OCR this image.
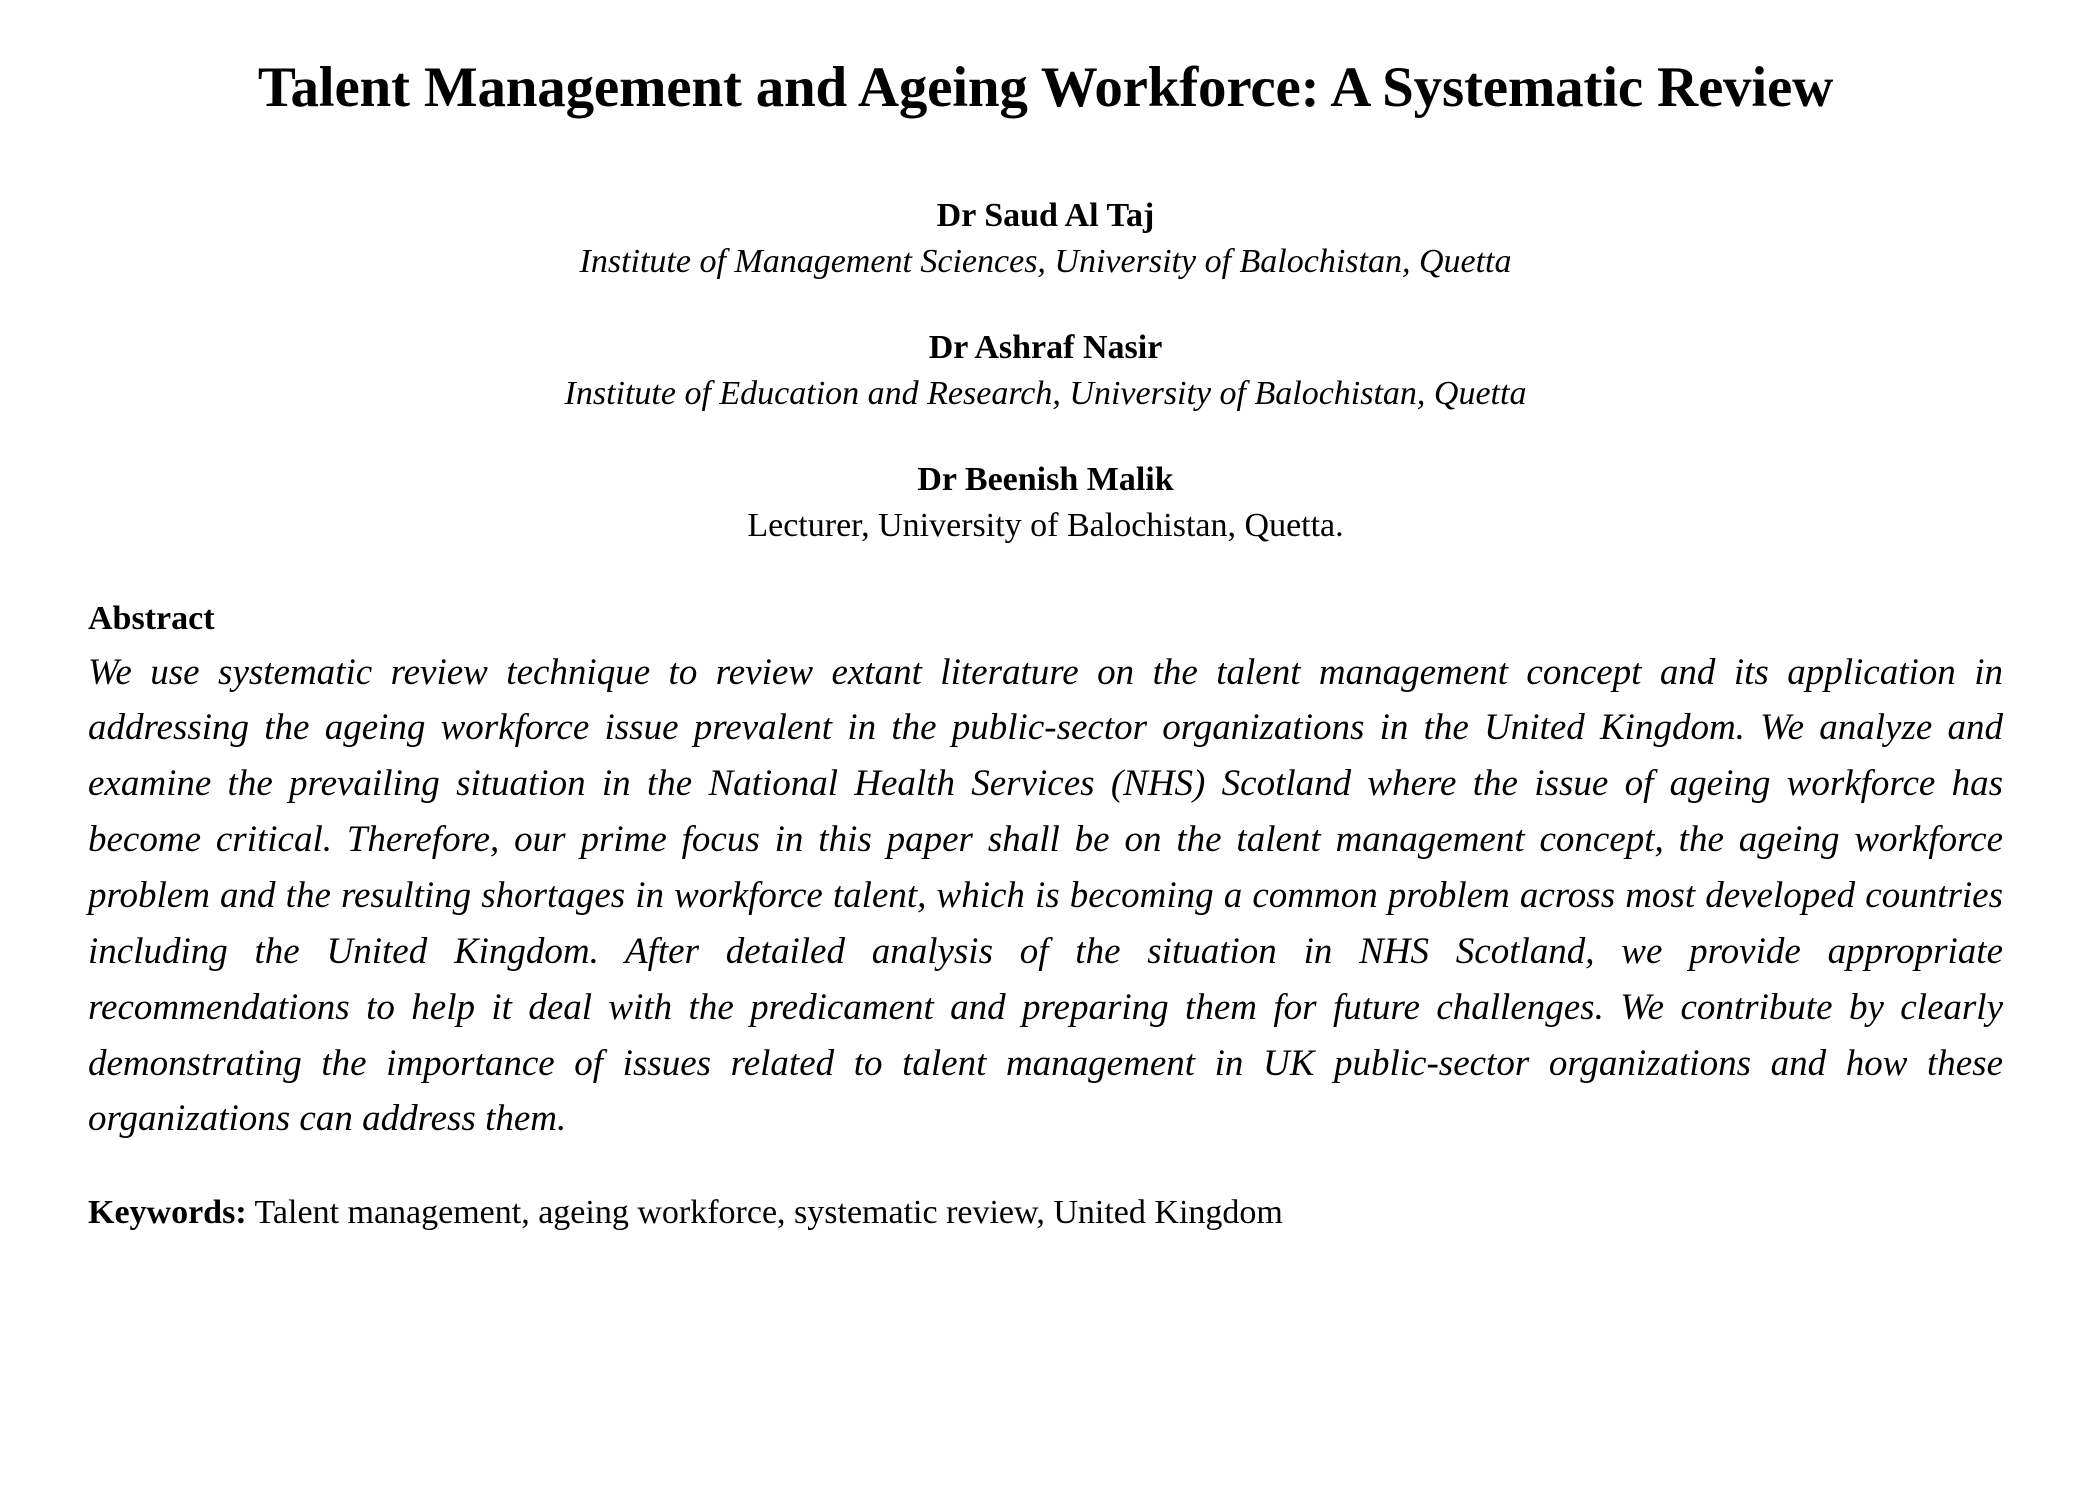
Talent Management and Ageing Workforce: A Systematic Review
Dr Saud Al Taj
Institute of Management Sciences, University of Balochistan, Quetta
Dr Ashraf Nasir
Institute of Education and Research, University of Balochistan, Quetta
Dr Beenish Malik
Lecturer, University of Balochistan, Quetta.
Abstract

We use systematic review technique to review extant literature on the talent management concept and its application in addressing the ageing workforce issue prevalent in the public-sector organizations in the United Kingdom. We analyze and examine the prevailing situation in the National Health Services (NHS) Scotland where the issue of ageing workforce has become critical. Therefore, our prime focus in this paper shall be on the talent management concept, the ageing workforce problem and the resulting shortages in workforce talent, which is becoming a common problem across most developed countries including the United Kingdom. After detailed analysis of the situation in NHS Scotland, we provide appropriate recommendations to help it deal with the predicament and preparing them for future challenges. We contribute by clearly demonstrating the importance of issues related to talent management in UK public-sector organizations and how these organizations can address them.

Keywords: Talent management, ageing workforce, systematic review, United Kingdom
